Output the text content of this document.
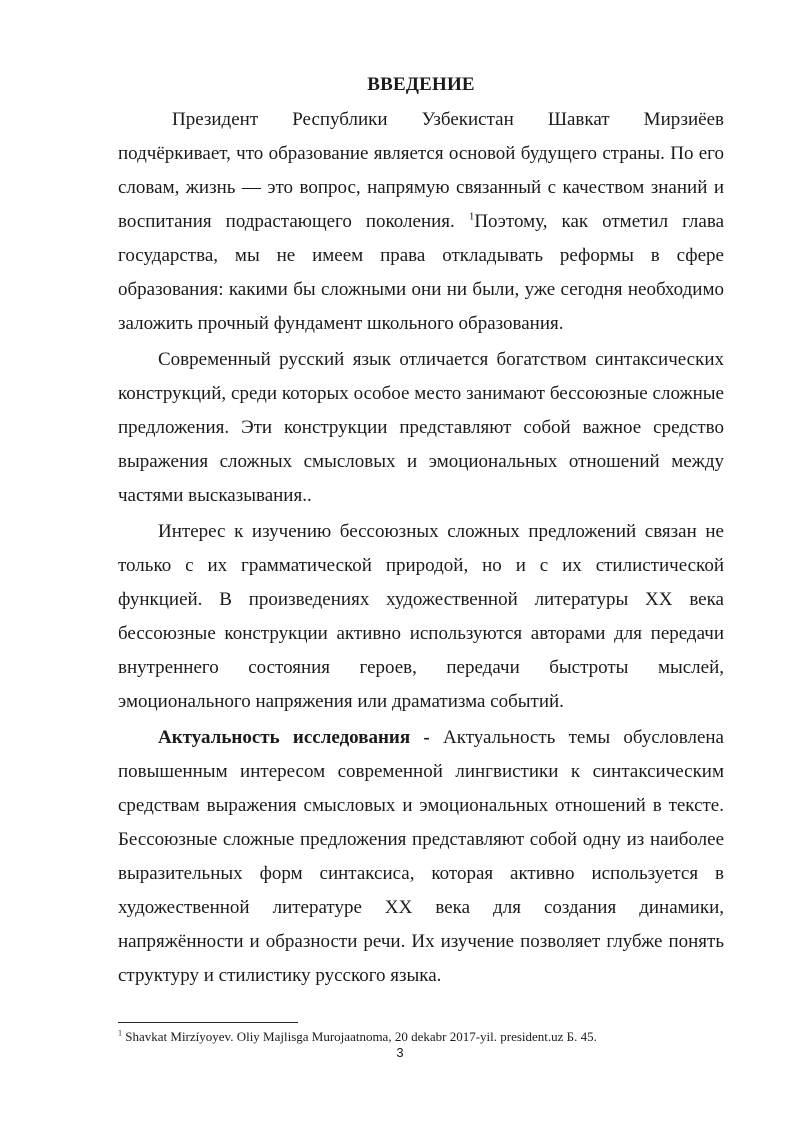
ВВЕДЕНИЕ

Президент Республики Узбекистан Шавкат Мирзиёев подчёркивает, что образование является основой будущего страны. По его словам, жизнь — это вопрос, напрямую связанный с качеством знаний и воспитания подрастающего поколения. $^1$Поэтому, как отметил глава государства, мы не имеем права откладывать реформы в сфере образования: какими бы сложными они ни были, уже сегодня необходимо заложить прочный фундамент школьного образования.

Современный русский язык отличается богатством синтаксических конструкций, среди которых особое место занимают бессоюзные сложные предложения. Эти конструкции представляют собой важное средство выражения сложных смысловых и эмоциональных отношений между частями высказывания..

Интерес к изучению бессоюзных сложных предложений связан не только с их грамматической природой, но и с их стилистической функцией. В произведениях художественной литературы XX века бессоюзные конструкции активно используются авторами для передачи внутреннего состояния героев, передачи быстроты мыслей, эмоционального напряжения или драматизма событий.

Актуальность исследования - Актуальность темы обусловлена повышенным интересом современной лингвистики к синтаксическим средствам выражения смысловых и эмоциональных отношений в тексте. Бессоюзные сложные предложения представляют собой одну из наиболее выразительных форм синтаксиса, которая активно используется в художественной литературе XX века для создания динамики, напряжённости и образности речи. Их изучение позволяет глубже понять структуру и стилистику русского языка.

$^1$ Shavkat Mirzíyoyev. Oliy Majlisga Murojaatnoma, 20 dekabr 2017-yil. president.uz Б. 45.
3
